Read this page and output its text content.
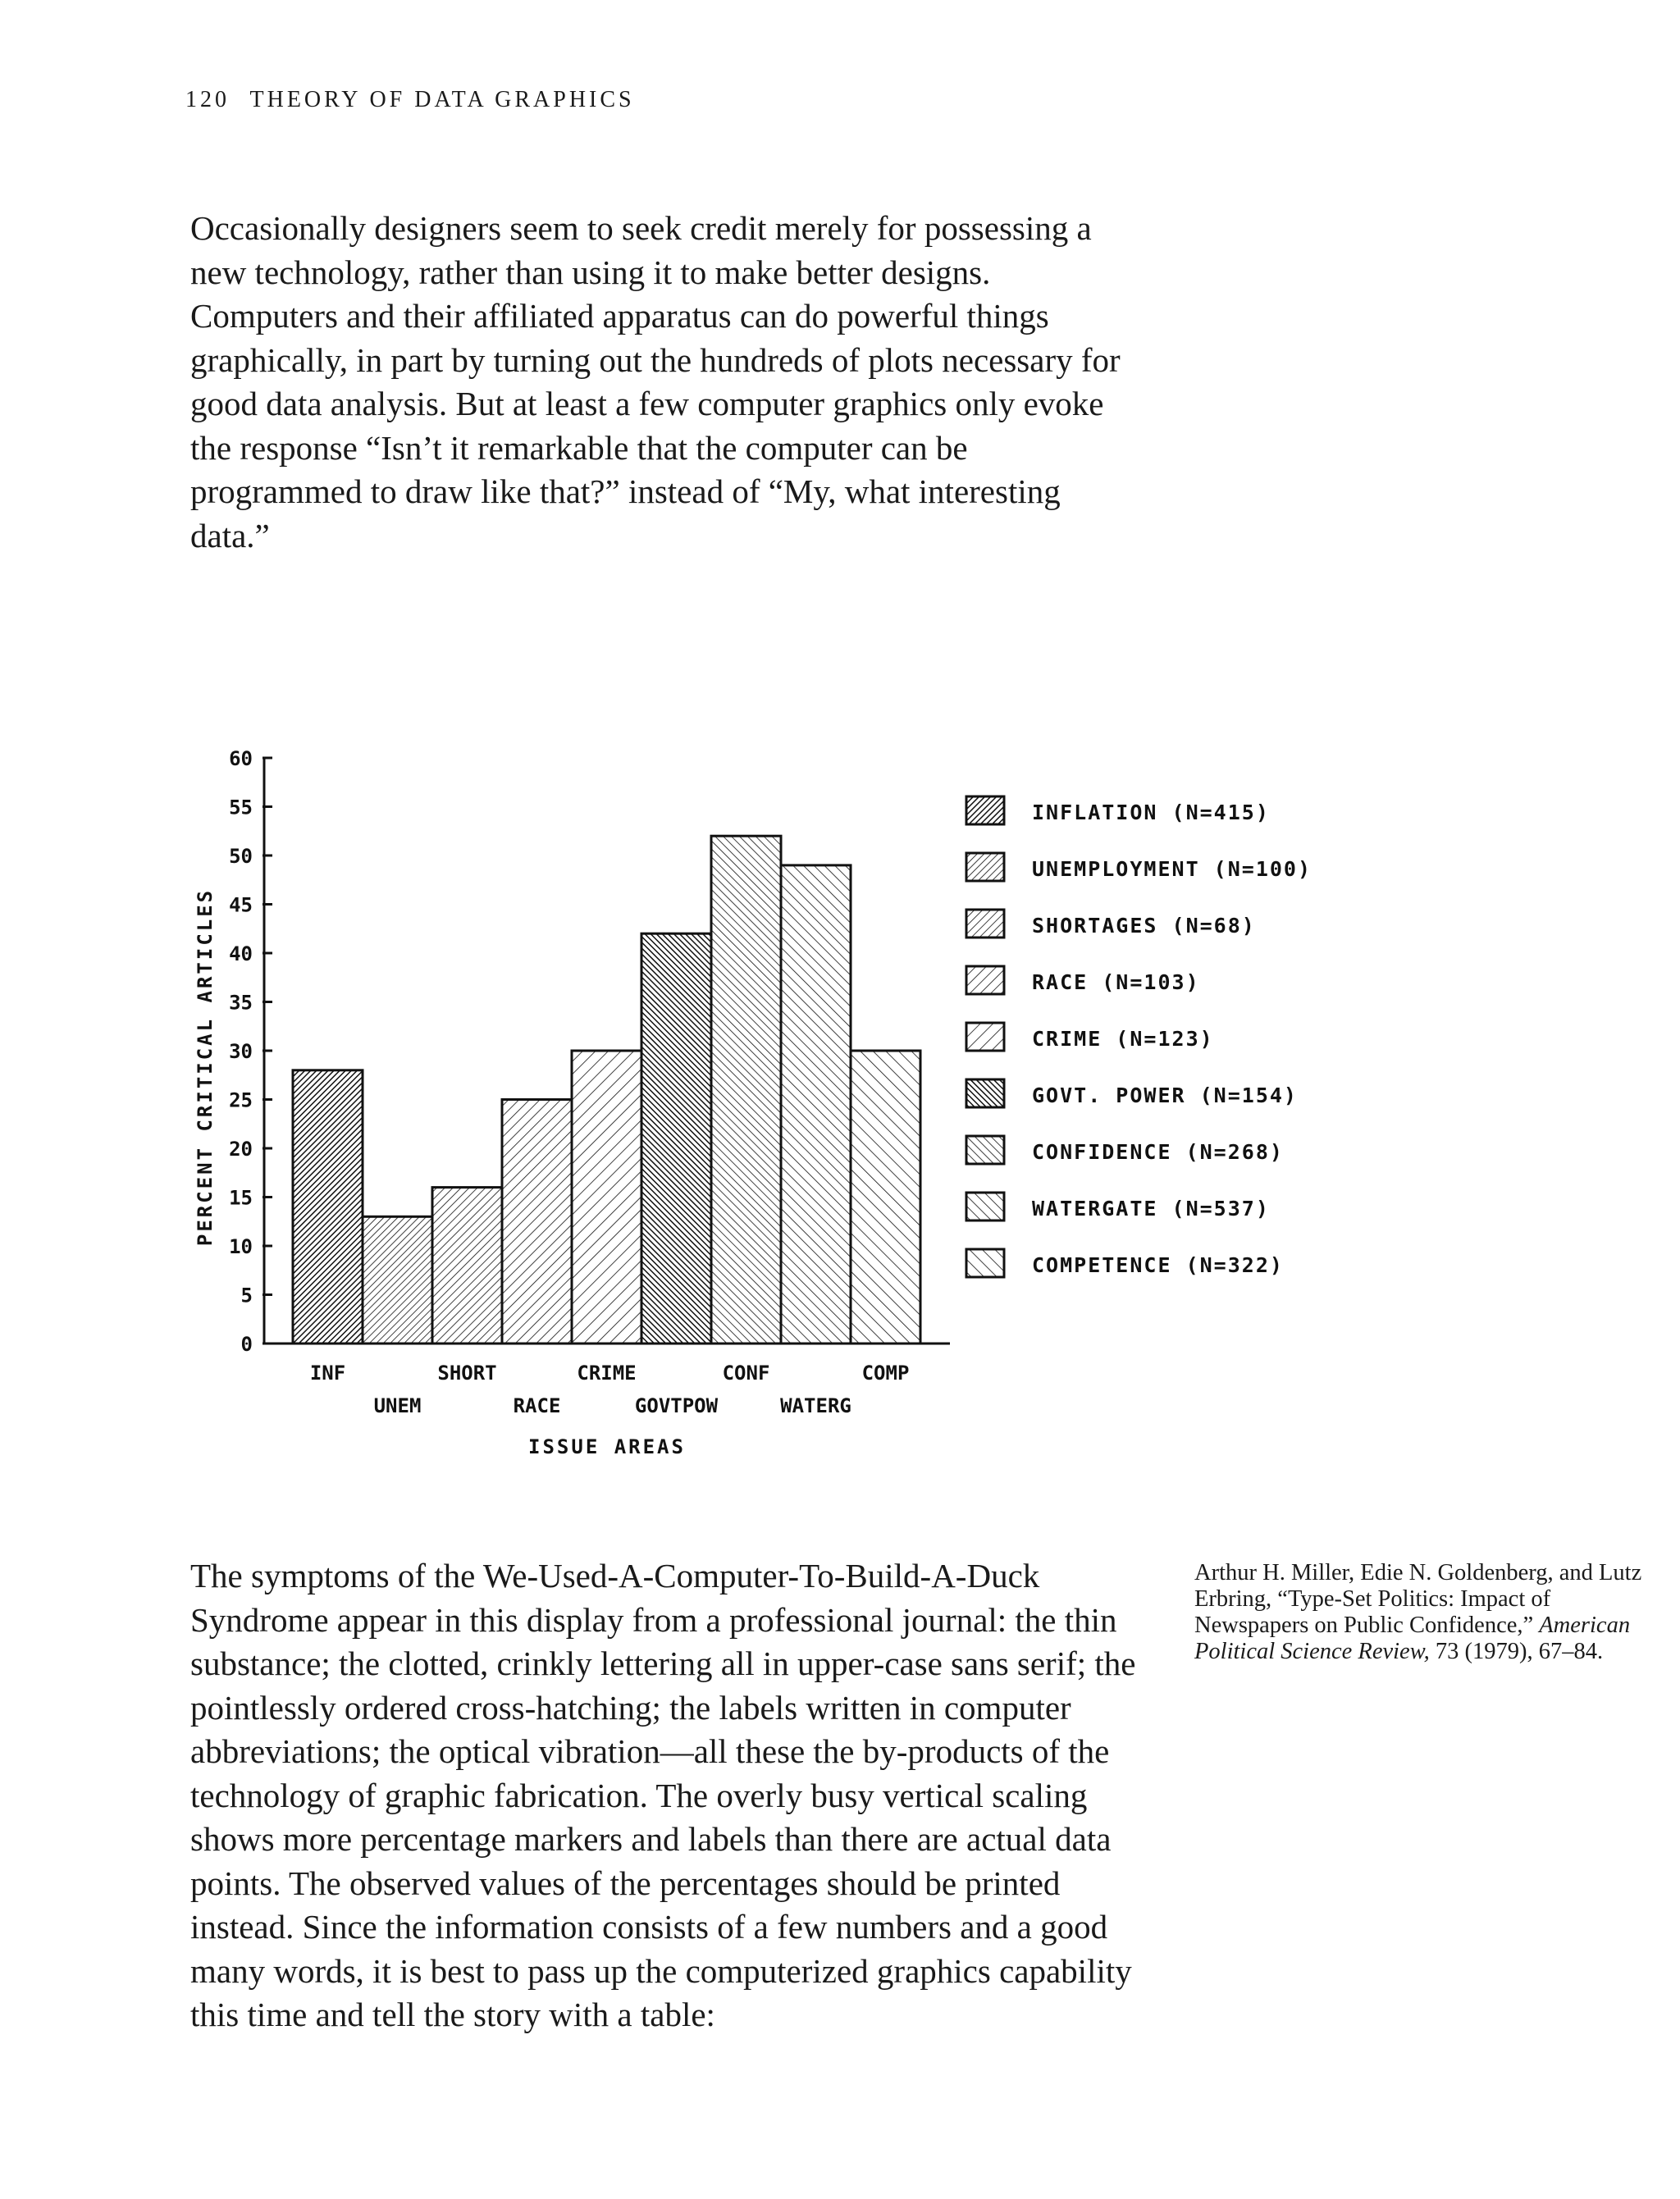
120 THEORY OF DATA GRAPHICS

Occasionally designers seem to seek credit merely for possessing a new technology, rather than using it to make better designs. Computers and their affiliated apparatus can do powerful things graphically, in part by turning out the hundreds of plots necessary for good data analysis. But at least a few computer graphics only evoke the response “Isn’t it remarkable that the computer can be programmed to draw like that?” instead of “My, what interesting data.”

0
5
10
15
20
25
30
35
40
45
50
55
60
PERCENT CRITICAL ARTICLES
INF
UNEM
SHORT
RACE
CRIME
GOVTPOW
CONF
WATERG
COMP
ISSUE AREAS
INFLATION (N=415)
UNEMPLOYMENT (N=100)
SHORTAGES (N=68)
RACE (N=103)
CRIME (N=123)
GOVT. POWER (N=154)
CONFIDENCE (N=268)
WATERGATE (N=537)
COMPETENCE (N=322)

The symptoms of the We-Used-A-Computer-To-Build-A-Duck Syndrome appear in this display from a professional journal: the thin substance; the clotted, crinkly lettering all in upper-case sans serif; the pointlessly ordered cross-hatching; the labels written in computer abbreviations; the optical vibration—all these the by-products of the technology of graphic fabrication. The overly busy vertical scaling shows more percentage markers and labels than there are actual data points. The observed values of the percentages should be printed instead. Since the information consists of a few numbers and a good many words, it is best to pass up the computerized graphics capability this time and tell the story with a table:

Arthur H. Miller, Edie N. Goldenberg, and Lutz Erbring, “Type-Set Politics: Impact of Newspapers on Public Confidence,” American Political Science Review, 73 (1979), 67–84.
